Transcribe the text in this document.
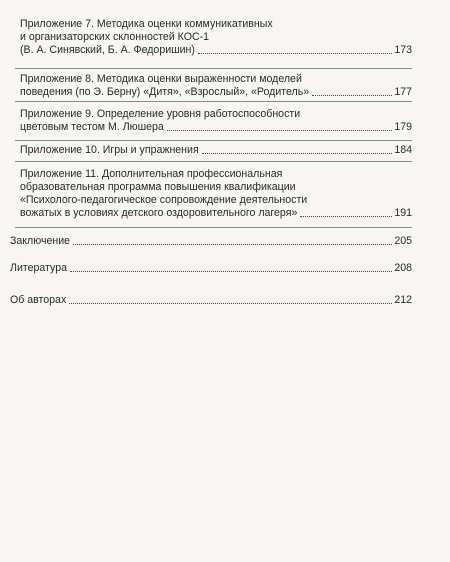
Приложение 7. Методика оценки коммуникативных
и организаторских склонностей КОС-1
(В. А. Синявский, Б. А. Федоришин)	173
Приложение 8. Методика оценки выраженности моделей
поведения (по Э. Берну) «Дитя», «Взрослый», «Родитель»	177
Приложение 9. Определение уровня работоспособности
цветовым тестом М. Люшера	179
Приложение 10. Игры и упражнения	184
Приложение 11. Дополнительная профессиональная
образовательная программа повышения квалификации
«Психолого-педагогическое сопровождение деятельности
вожатых в условиях детского оздоровительного лагеря»	191
Заключение	205
Литература	208
Об авторах	212
